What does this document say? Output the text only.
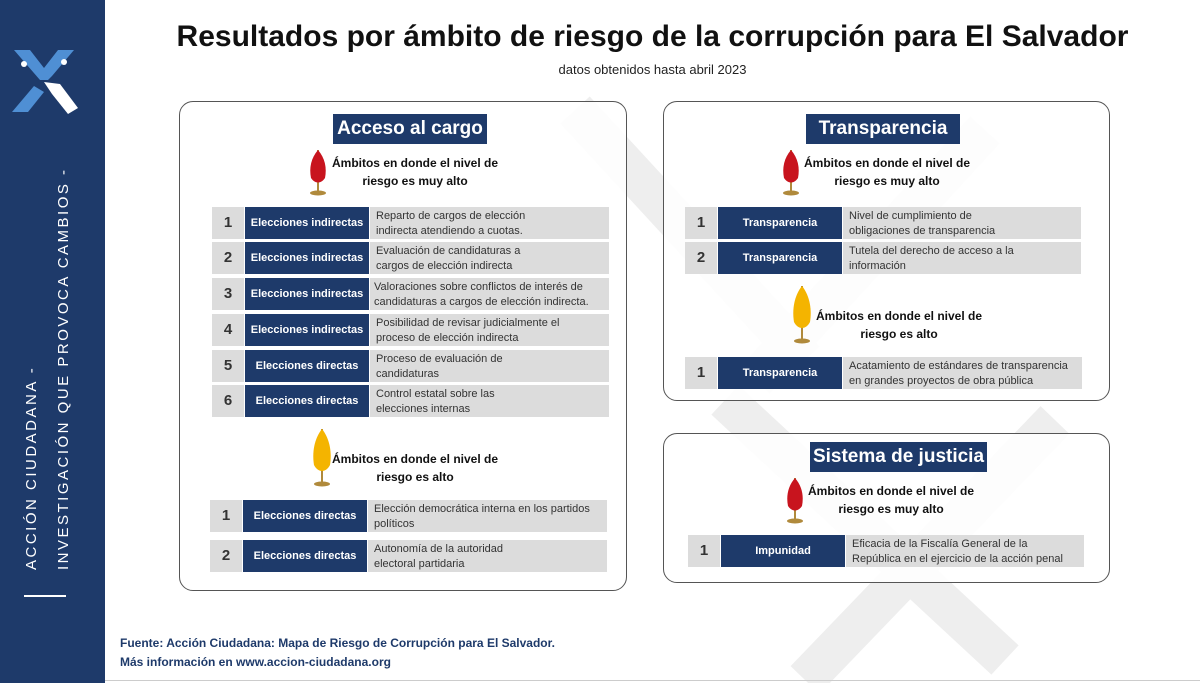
ACCIÓN CIUDADANA - INVESTIGACIÓN QUE PROVOCA CAMBIOS -
Resultados por ámbito de riesgo de la corrupción para El Salvador
datos obtenidos hasta abril 2023
Acceso al cargo
Ámbitos en donde el nivel de
riesgo es muy alto
1	Elecciones indirectas
Reparto de cargos de elección
indirecta atendiendo a cuotas.
2	Elecciones indirectas
Evaluación de candidaturas a
cargos de elección indirecta
3	Elecciones indirectas
Valoraciones sobre conflictos de interés de
candidaturas a cargos de elección indirecta.
4	Elecciones indirectas
Posibilidad de revisar judicialmente el
proceso de elección indirecta
5	Elecciones directas
Proceso de evaluación de
candidaturas
6	Elecciones directas
Control estatal sobre las
elecciones internas
Ámbitos en donde el nivel de
riesgo es alto
1	Elecciones directas
Elección democrática interna en los partidos
políticos
2	Elecciones directas
Autonomía de la autoridad
electoral partidaria
Transparencia
Ámbitos en donde el nivel de
riesgo es muy alto
1	Transparencia
Nivel de cumplimiento de
obligaciones de transparencia
2	Transparencia
Tutela del derecho de acceso a la
información
Ámbitos en donde el nivel de
riesgo es alto
1	Transparencia
Acatamiento de estándares de transparencia
en grandes proyectos de obra pública
Sistema de justicia
Ámbitos en donde el nivel de
riesgo es muy alto
1	Impunidad
Eficacia de la Fiscalía General de la
República en el ejercicio de la acción penal
Fuente: Acción Ciudadana: Mapa de Riesgo de Corrupción para El Salvador.
Más información en www.accion-ciudadana.org
